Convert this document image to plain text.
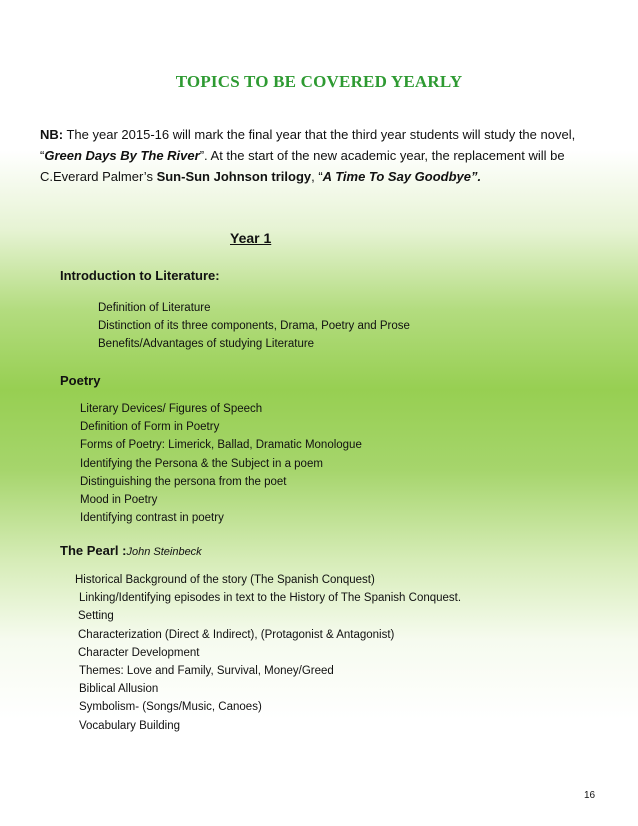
TOPICS TO BE COVERED YEARLY

NB: The year 2015-16 will mark the final year that the third year students will study the novel,

“Green Days By The River”. At the start of the new academic year, the replacement will be

C.Everard Palmer’s Sun-Sun Johnson trilogy, “A Time To Say Goodbye”.

Year 1
Introduction to Literature:
Definition of Literature
Distinction of its three components, Drama, Poetry and Prose
Benefits/Advantages of studying Literature
Poetry
Literary Devices/ Figures of Speech
Definition of Form in Poetry
Forms of Poetry: Limerick, Ballad, Dramatic Monologue
Identifying the Persona & the Subject in a poem
Distinguishing the persona from the poet
Mood in Poetry
Identifying contrast in poetry
The Pearl :John Steinbeck
Historical Background of the story (The Spanish Conquest)
Linking/Identifying episodes in text to the History of The Spanish Conquest.
Setting
Characterization (Direct & Indirect), (Protagonist & Antagonist)
Character Development
Themes: Love and Family, Survival, Money/Greed
Biblical Allusion
Symbolism- (Songs/Music, Canoes)
Vocabulary Building
16
